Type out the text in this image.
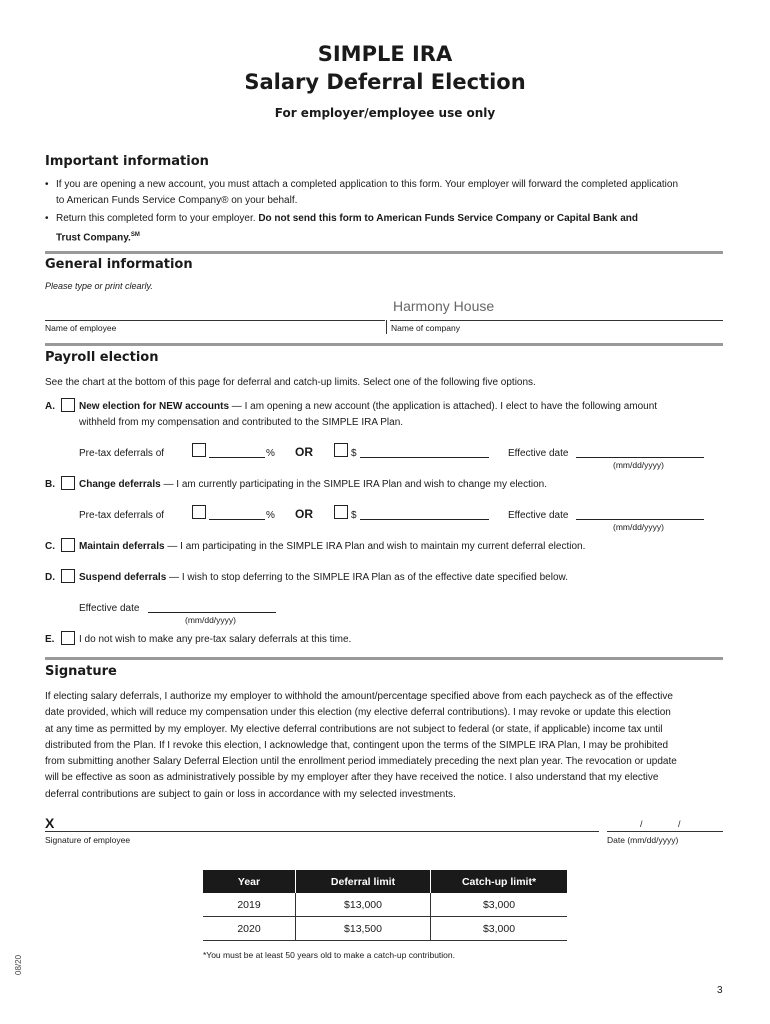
SIMPLE IRA
Salary Deferral Election
For employer/employee use only
Important information
• If you are opening a new account, you must attach a completed application to this form. Your employer will forward the completed application
to American Funds Service Company® on your behalf.
• Return this completed form to your employer. Do not send this form to American Funds Service Company or Capital Bank and
Trust Company.℠
General information
Please type or print clearly.
Harmony House
Name of employee	Name of company
Payroll election
See the chart at the bottom of this page for deferral and catch-up limits. Select one of the following five options.
A. New election for NEW accounts — I am opening a new account (the application is attached). I elect to have the following amount
withheld from my compensation and contributed to the SIMPLE IRA Plan.
Pre-tax deferrals of	% OR	$	Effective date
(mm/dd/yyyy)
B. Change deferrals — I am currently participating in the SIMPLE IRA Plan and wish to change my election.
Pre-tax deferrals of	% OR	$	Effective date
(mm/dd/yyyy)
C. Maintain deferrals — I am participating in the SIMPLE IRA Plan and wish to maintain my current deferral election.
D. Suspend deferrals — I wish to stop deferring to the SIMPLE IRA Plan as of the effective date specified below.
Effective date
(mm/dd/yyyy)
E. I do not wish to make any pre-tax salary deferrals at this time.
Signature
If electing salary deferrals, I authorize my employer to withhold the amount/percentage specified above from each paycheck as of the effective
date provided, which will reduce my compensation under this election (my elective deferral contributions). I may revoke or update this election
at any time as permitted by my employer. My elective deferral contributions are not subject to federal (or state, if applicable) income tax until
distributed from the Plan. If I revoke this election, I acknowledge that, contingent upon the terms of the SIMPLE IRA Plan, I may be prohibited
from submitting another Salary Deferral Election until the enrollment period immediately preceding the next plan year. The revocation or update
will be effective as soon as administratively possible by my employer after they have received the notice. I also understand that my elective
deferral contributions are subject to gain or loss in accordance with my selected investments.
X
Signature of employee
/	/
Date (mm/dd/yyyy)
Year	Deferral limit	Catch-up limit*
2019	$13,000	$3,000
2020	$13,500	$3,000
*You must be at least 50 years old to make a catch-up contribution.
08/20
3
